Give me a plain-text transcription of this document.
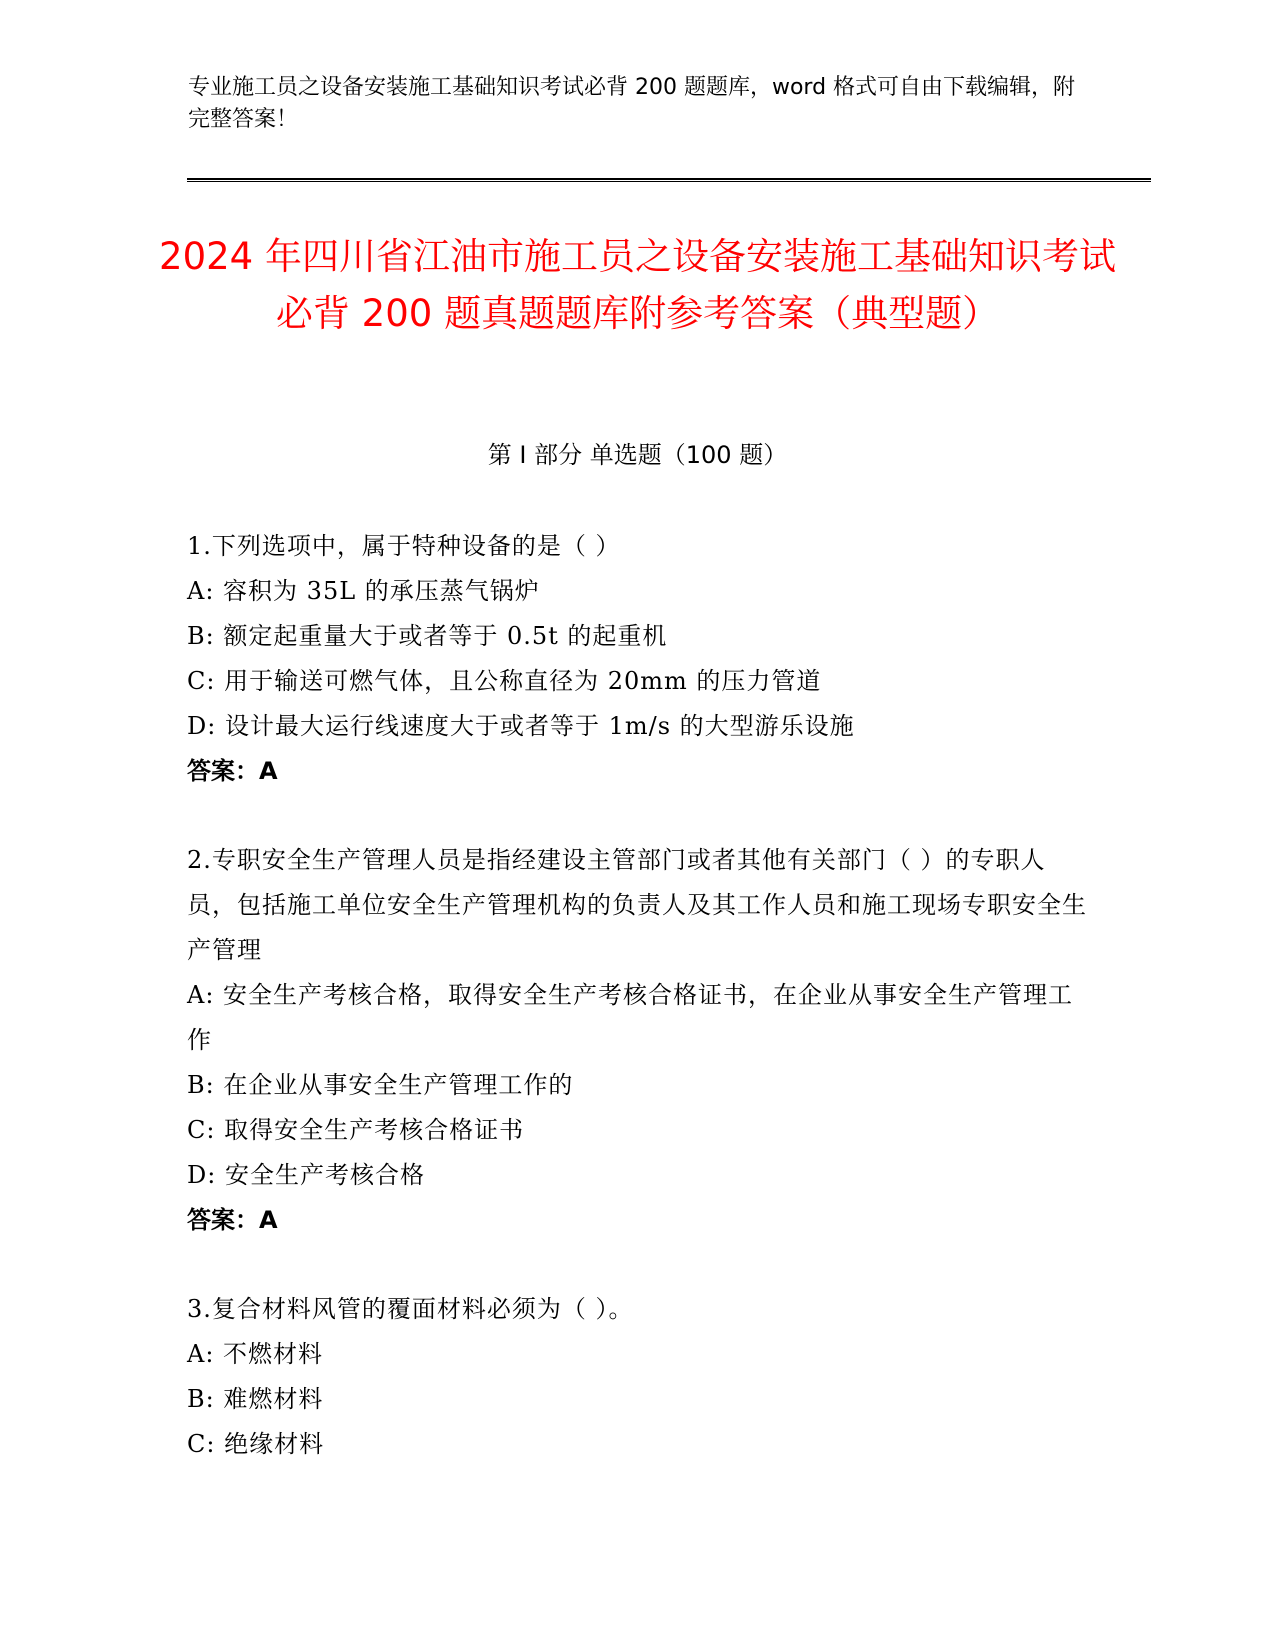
专业施工员之设备安装施工基础知识考试必背 200 题题库，word 格式可自由下载编辑，附完整答案！
2024 年四川省江油市施工员之设备安装施工基础知识考试必背 200 题真题题库附参考答案（典型题）
第 I 部分 单选题（100 题）

1.下列选项中，属于特种设备的是（ ）

A: 容积为 35L 的承压蒸气锅炉

B: 额定起重量大于或者等于 0.5t 的起重机

C: 用于输送可燃气体，且公称直径为 20mm 的压力管道

D: 设计最大运行线速度大于或者等于 1m/s 的大型游乐设施

答案：A

2.专职安全生产管理人员是指经建设主管部门或者其他有关部门（ ）的专职人员，包括施工单位安全生产管理机构的负责人及其工作人员和施工现场专职安全生产管理

A: 安全生产考核合格，取得安全生产考核合格证书，在企业从事安全生产管理工作

B: 在企业从事安全生产管理工作的

C: 取得安全生产考核合格证书

D: 安全生产考核合格

答案：A

3.复合材料风管的覆面材料必须为（ ）。

A: 不燃材料

B: 难燃材料

C: 绝缘材料
